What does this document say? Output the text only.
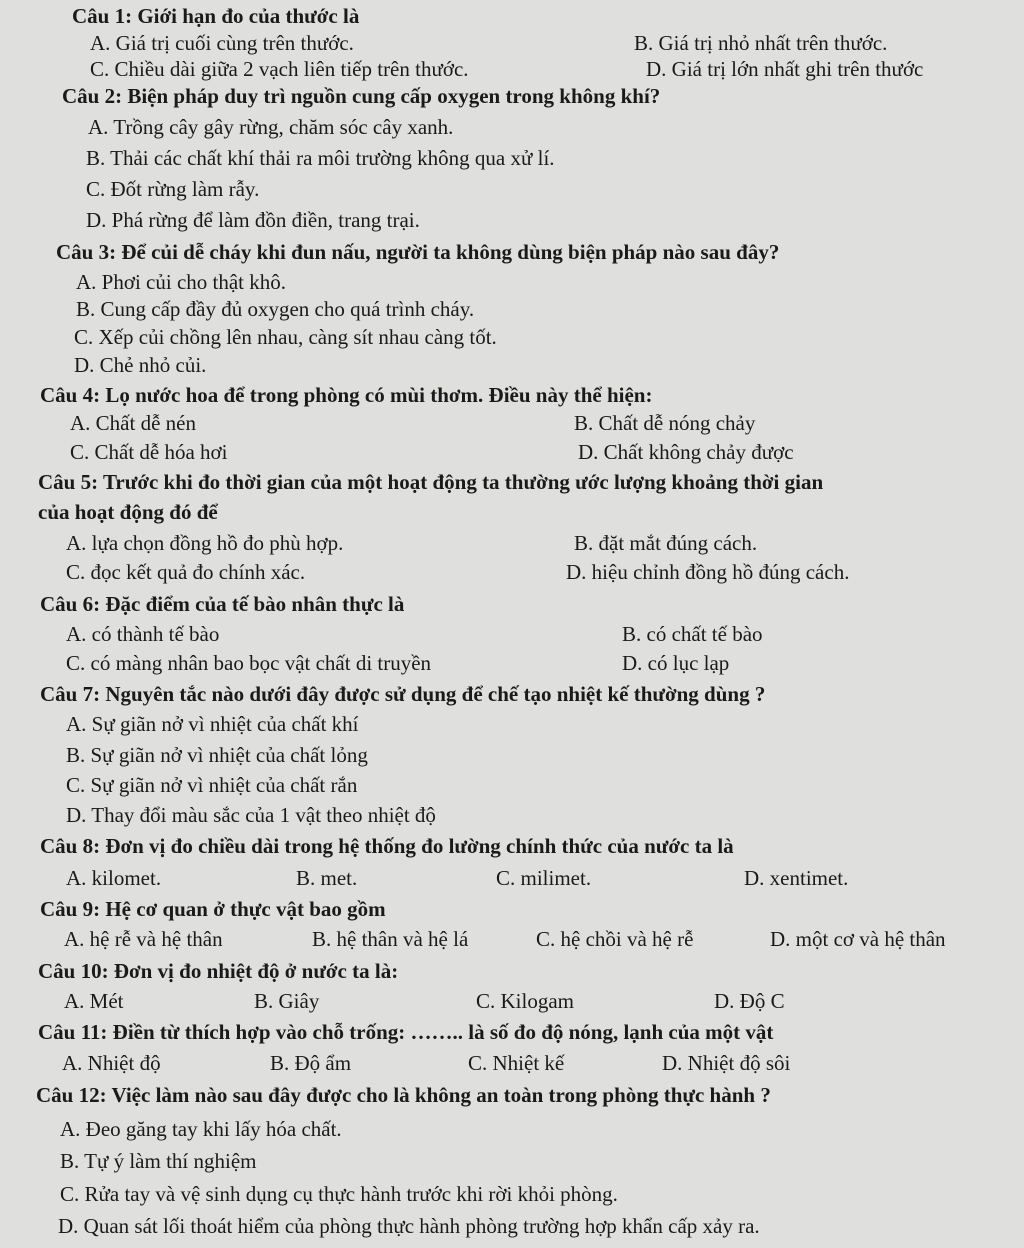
Câu 1: Giới hạn đo của thước là
A. Giá trị cuối cùng trên thước.	B. Giá trị nhỏ nhất trên thước.
C. Chiều dài giữa 2 vạch liên tiếp trên thước.	D. Giá trị lớn nhất ghi trên thước
Câu 2: Biện pháp duy trì nguồn cung cấp oxygen trong không khí?
A. Trồng cây gây rừng, chăm sóc cây xanh.
B. Thải các chất khí thải ra môi trường không qua xử lí.
C. Đốt rừng làm rẫy.
D. Phá rừng để làm đồn điền, trang trại.
Câu 3: Để củi dễ cháy khi đun nấu, người ta không dùng biện pháp nào sau đây?
A. Phơi củi cho thật khô.
B. Cung cấp đầy đủ oxygen cho quá trình cháy.
C. Xếp củi chồng lên nhau, càng sít nhau càng tốt.
D. Chẻ nhỏ củi.
Câu 4: Lọ nước hoa để trong phòng có mùi thơm. Điều này thể hiện:
A. Chất dễ nén	B. Chất dễ nóng chảy
C. Chất dễ hóa hơi	D. Chất không chảy được
Câu 5: Trước khi đo thời gian của một hoạt động ta thường ước lượng khoảng thời gian
của hoạt động đó để
A. lựa chọn đồng hồ đo phù hợp.	B. đặt mắt đúng cách.
C. đọc kết quả đo chính xác.	D. hiệu chỉnh đồng hồ đúng cách.
Câu 6: Đặc điểm của tế bào nhân thực là
A. có thành tế bào	B. có chất tế bào
C. có màng nhân bao bọc vật chất di truyền	D. có lục lạp
Câu 7: Nguyên tắc nào dưới đây được sử dụng để chế tạo nhiệt kế thường dùng ?
A. Sự giãn nở vì nhiệt của chất khí
B. Sự giãn nở vì nhiệt của chất lỏng
C. Sự giãn nở vì nhiệt của chất rắn
D. Thay đổi màu sắc của 1 vật theo nhiệt độ
Câu 8: Đơn vị đo chiều dài trong hệ thống đo lường chính thức của nước ta là
A. kilomet.	B. met.	C. milimet.	D. xentimet.
Câu 9: Hệ cơ quan ở thực vật bao gồm
A. hệ rễ và hệ thân	B. hệ thân và hệ lá	C. hệ chồi và hệ rễ	D. một cơ và hệ thân
Câu 10: Đơn vị đo nhiệt độ ở nước ta là:
A. Mét	B. Giây	C. Kilogam	D. Độ C
Câu 11: Điền từ thích hợp vào chỗ trống: …….. là số đo độ nóng, lạnh của một vật
A. Nhiệt độ	B. Độ ẩm	C. Nhiệt kế	D. Nhiệt độ sôi
Câu 12: Việc làm nào sau đây được cho là không an toàn trong phòng thực hành ?
A. Đeo găng tay khi lấy hóa chất.
B. Tự ý làm thí nghiệm
C. Rửa tay và vệ sinh dụng cụ thực hành trước khi rời khỏi phòng.
D. Quan sát lối thoát hiểm của phòng thực hành phòng trường hợp khẩn cấp xảy ra.
